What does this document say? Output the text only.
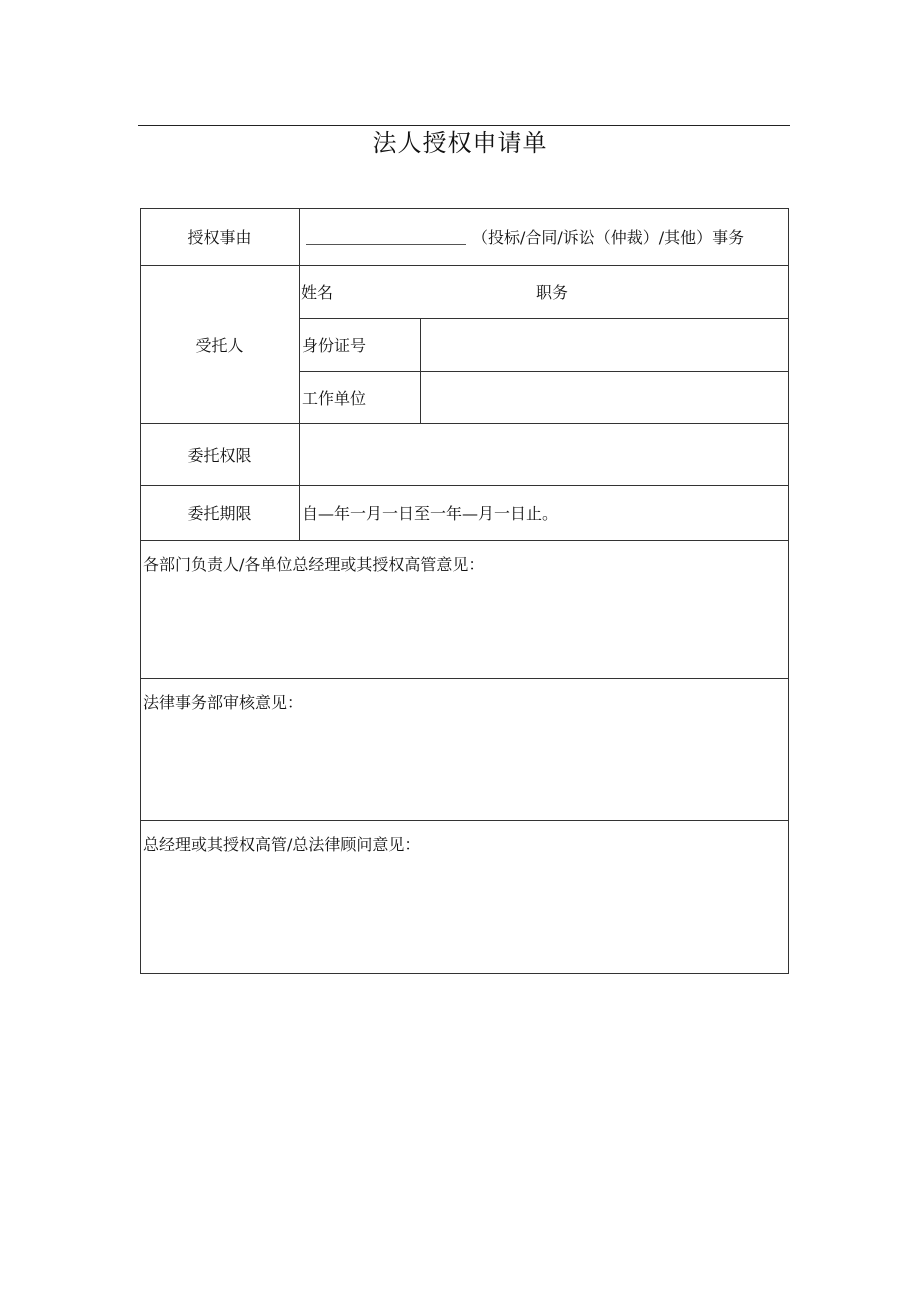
法人授权申请单
授权事由	（投标/合同/诉讼（仲裁）/其他）事务
受托人
姓名	职务
身份证号
工作单位
委托权限
委托期限	自—年一月一日至一年—月一日止。
各部门负责人/各单位总经理或其授权高管意见：
法律事务部审核意见：
总经理或其授权高管/总法律顾问意见：
